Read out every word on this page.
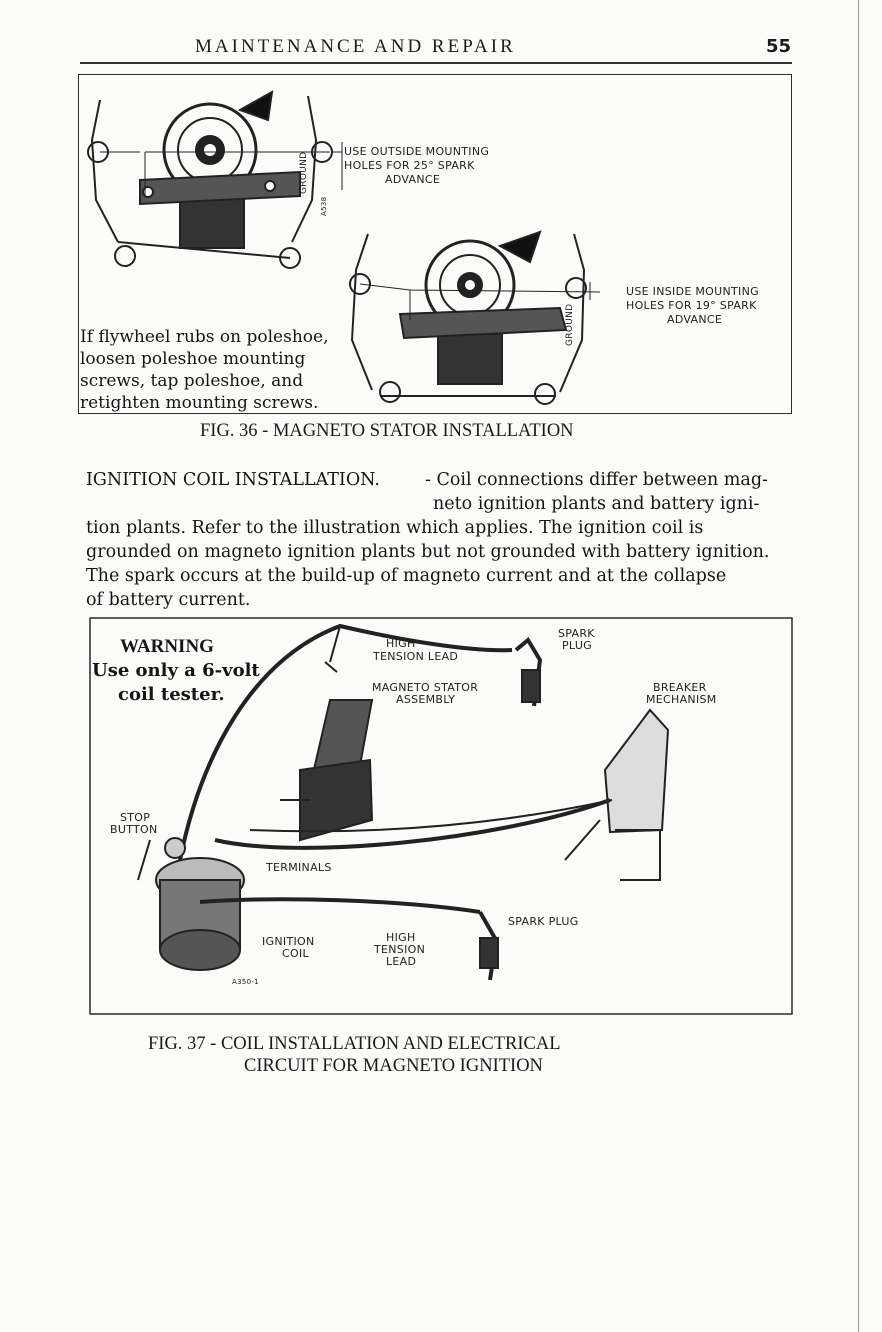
MAINTENANCE AND REPAIR	55
USE OUTSIDE MOUNTING
HOLES FOR 25° SPARK
ADVANCE
USE INSIDE MOUNTING
HOLES FOR 19° SPARK
ADVANCE
GROUND
GROUND
A538
If flywheel rubs on poleshoe,
loosen poleshoe mounting
screws, tap poleshoe, and
retighten mounting screws.
FIG. 36 - MAGNETO STATOR INSTALLATION
IGNITION COIL INSTALLATION.	- Coil connections differ between mag-
neto ignition plants and battery igni-
tion plants. Refer to the illustration which applies. The ignition coil is
grounded on magneto ignition plants but not grounded with battery ignition.
The spark occurs at the build-up of magneto current and at the collapse
of battery current.
WARNING
Use only a 6-volt
coil tester.
HIGH
TENSION LEAD
SPARK
PLUG
MAGNETO STATOR
ASSEMBLY
BREAKER
MECHANISM
STOP
BUTTON
TERMINALS
SPARK PLUG
IGNITION
COIL
HIGH
TENSION
LEAD
A350-1
FIG. 37 - COIL INSTALLATION AND ELECTRICAL
CIRCUIT FOR MAGNETO IGNITION
